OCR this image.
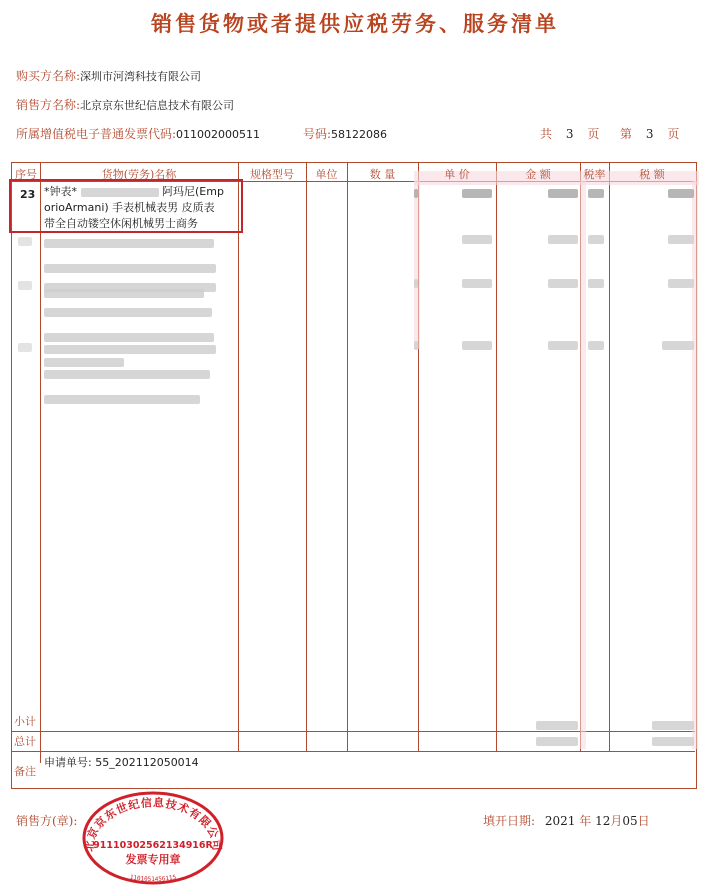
销售货物或者提供应税劳务、服务清单
购买方名称:深圳市河湾科技有限公司
销售方名称:北京京东世纪信息技术有限公司
所属增值税电子普通发票代码:011002000511	号码:58122086	共 3 页 第 3 页
序号	货物(劳务)名称	规格型号	单位	数 量	单 价	金 额	税率	税 额
23 *钟表*	阿玛尼(Emp
orioArmani) 手表机械表男 皮质表
带全自动镂空休闲机械男士商务
小计
总计
备注
申请单号: 55_202112050014
销售方(章):	填开日期: 2021 年 12月05日
北京京东世纪信息技术有限公司
91110302562134916R
发票专用章
1101051456115
